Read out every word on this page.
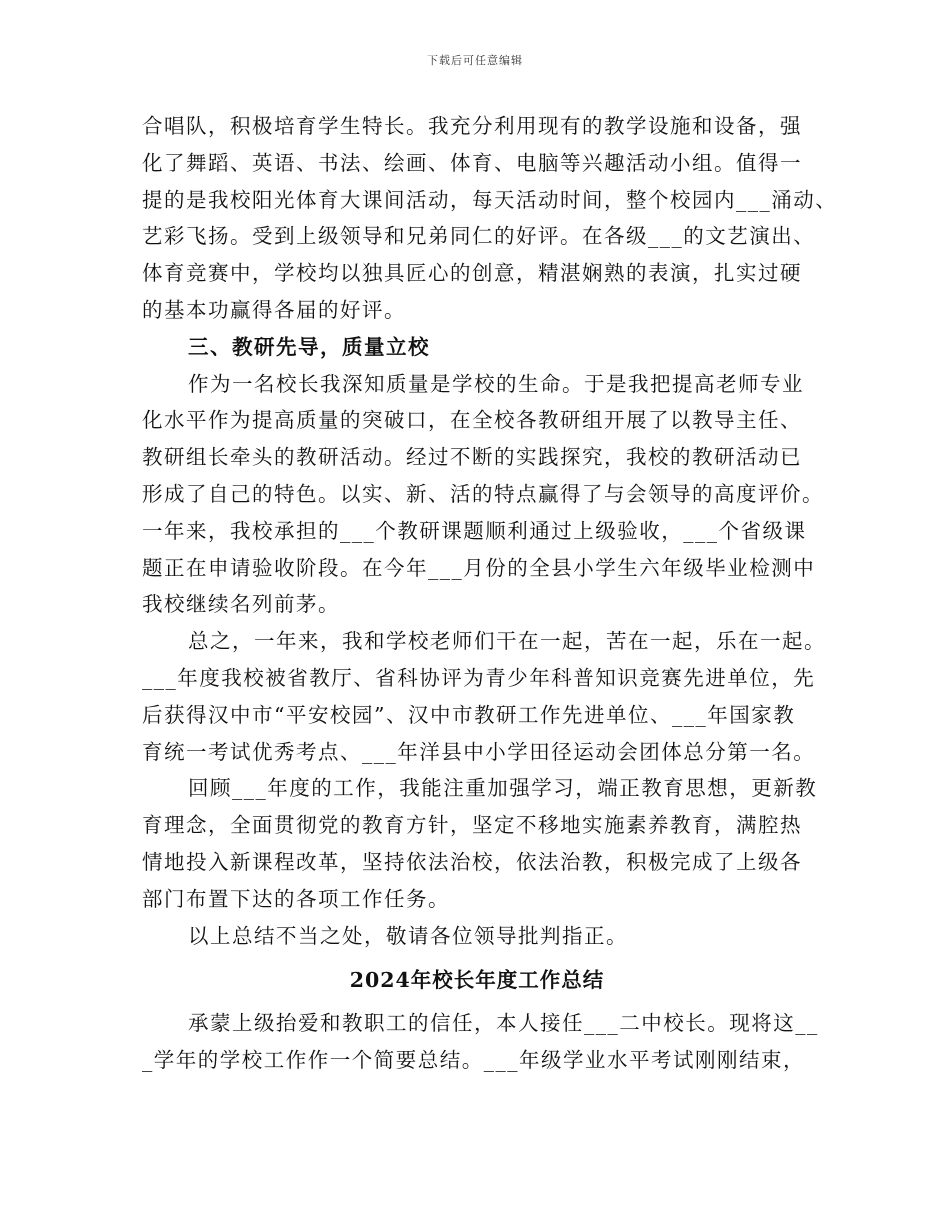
下载后可任意编辑

合唱队，积极培育学生特长。我充分利用现有的教学设施和设备，强
化了舞蹈、英语、书法、绘画、体育、电脑等兴趣活动小组。值得一
提的是我校阳光体育大课间活动，每天活动时间，整个校园内___涌动、
艺彩飞扬。受到上级领导和兄弟同仁的好评。在各级___的文艺演出、
体育竞赛中，学校均以独具匠心的创意，精湛娴熟的表演，扎实过硬
的基本功赢得各届的好评。

三、教研先导，质量立校

作为一名校长我深知质量是学校的生命。于是我把提高老师专业
化水平作为提高质量的突破口，在全校各教研组开展了以教导主任、
教研组长牵头的教研活动。经过不断的实践探究，我校的教研活动已
形成了自己的特色。以实、新、活的特点赢得了与会领导的高度评价。
一年来，我校承担的___个教研课题顺利通过上级验收，___个省级课
题正在申请验收阶段。在今年___月份的全县小学生六年级毕业检测中
我校继续名列前茅。

总之，一年来，我和学校老师们干在一起，苦在一起，乐在一起。
___年度我校被省教厅、省科协评为青少年科普知识竞赛先进单位，先
后获得汉中市“平安校园”、汉中市教研工作先进单位、___年国家教
育统一考试优秀考点、___年洋县中小学田径运动会团体总分第一名。

回顾___年度的工作，我能注重加强学习，端正教育思想，更新教
育理念，全面贯彻党的教育方针，坚定不移地实施素养教育，满腔热
情地投入新课程改革，坚持依法治校，依法治教，积极完成了上级各
部门布置下达的各项工作任务。

以上总结不当之处，敬请各位领导批判指正。

2024年校长年度工作总结

承蒙上级抬爱和教职工的信任，本人接任___二中校长。现将这__
_学年的学校工作作一个简要总结。___年级学业水平考试刚刚结束，
